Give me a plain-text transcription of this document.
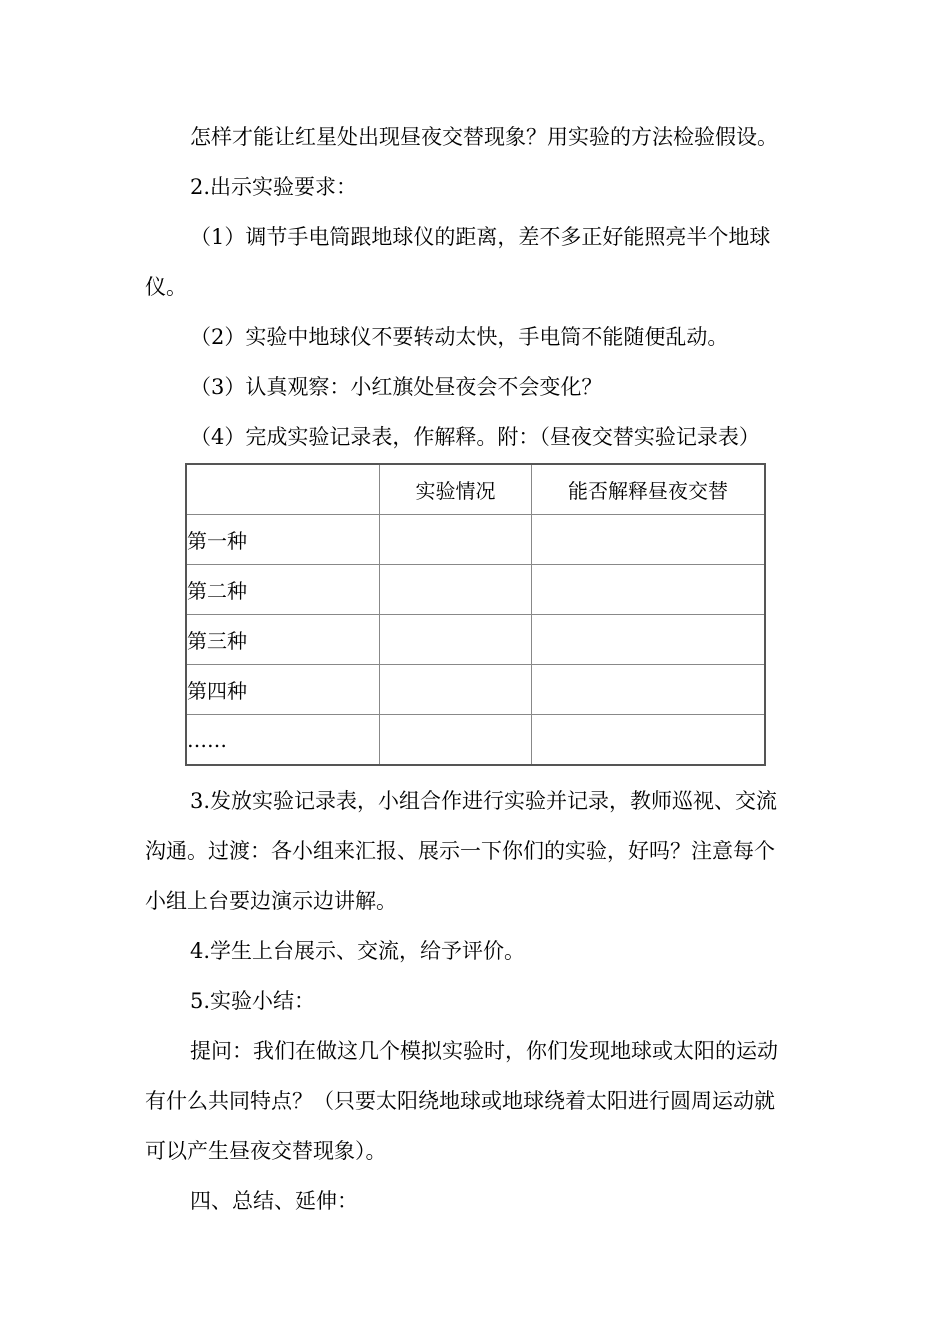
怎样才能让红星处出现昼夜交替现象？用实验的方法检验假设。
2.出示实验要求：
（1）调节手电筒跟地球仪的距离，差不多正好能照亮半个地球
仪。
（2）实验中地球仪不要转动太快，手电筒不能随便乱动。
（3）认真观察：小红旗处昼夜会不会变化？
（4）完成实验记录表，作解释。附：（昼夜交替实验记录表）
	实验情况	能否解释昼夜交替
第一种		
第二种		
第三种		
第四种		
……		
3.发放实验记录表，小组合作进行实验并记录，教师巡视、交流
沟通。过渡：各小组来汇报、展示一下你们的实验，好吗？注意每个
小组上台要边演示边讲解。
4.学生上台展示、交流，给予评价。
5.实验小结：
提问：我们在做这几个模拟实验时，你们发现地球或太阳的运动
有什么共同特点？（只要太阳绕地球或地球绕着太阳进行圆周运动就
可以产生昼夜交替现象）。
四、总结、延伸：
